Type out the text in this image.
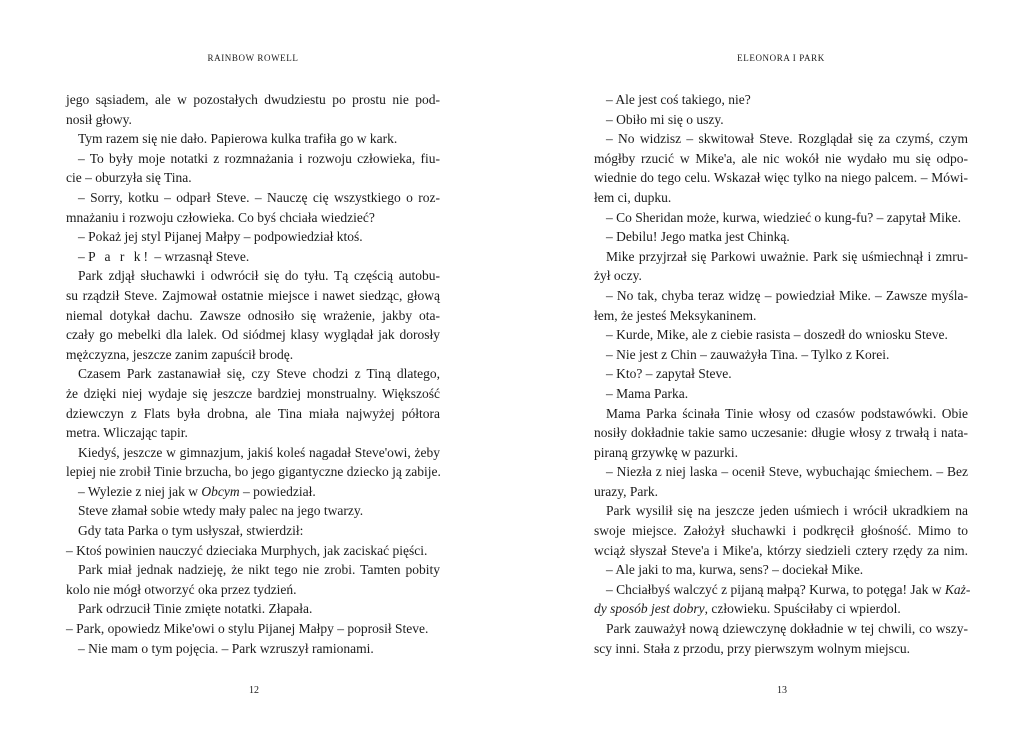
RAINBOW ROWELL
jego sąsiadem, ale w pozostałych dwudziestu po prostu nie pod-
nosił głowy.
Tym razem się nie dało. Papierowa kulka trafiła go w kark.
– To były moje notatki z rozmnażania i rozwoju człowieka, fiu-
cie – oburzyła się Tina.
– Sorry, kotku – odparł Steve. – Nauczę cię wszystkiego o roz-
mnażaniu i rozwoju człowieka. Co byś chciała wiedzieć?
– Pokaż jej styl Pijanej Małpy – podpowiedział ktoś.
– P a r k! – wrzasnął Steve.
Park zdjął słuchawki i odwrócił się do tyłu. Tą częścią autobu-
su rządził Steve. Zajmował ostatnie miejsce i nawet siedząc, głową
niemal dotykał dachu. Zawsze odnosiło się wrażenie, jakby ota-
czały go mebelki dla lalek. Od siódmej klasy wyglądał jak dorosły
mężczyzna, jeszcze zanim zapuścił brodę.
Czasem Park zastanawiał się, czy Steve chodzi z Tiną dlatego,
że dzięki niej wydaje się jeszcze bardziej monstrualny. Większość
dziewczyn z Flats była drobna, ale Tina miała najwyżej półtora
metra. Wliczając tapir.
Kiedyś, jeszcze w gimnazjum, jakiś koleś nagadał Steve'owi, żeby
lepiej nie zrobił Tinie brzucha, bo jego gigantyczne dziecko ją zabije.
– Wylezie z niej jak w Obcym – powiedział.
Steve złamał sobie wtedy mały palec na jego twarzy.
Gdy tata Parka o tym usłyszał, stwierdził:
– Ktoś powinien nauczyć dzieciaka Murphych, jak zaciskać pięści.
Park miał jednak nadzieję, że nikt tego nie zrobi. Tamten pobity
kolo nie mógł otworzyć oka przez tydzień.
Park odrzucił Tinie zmięte notatki. Złapała.
– Park, opowiedz Mike'owi o stylu Pijanej Małpy – poprosił Steve.
– Nie mam o tym pojęcia. – Park wzruszył ramionami.
12
ELEONORA I PARK
– Ale jest coś takiego, nie?
– Obiło mi się o uszy.
– No widzisz – skwitował Steve. Rozglądał się za czymś, czym
mógłby rzucić w Mike'a, ale nic wokół nie wydało mu się odpo-
wiednie do tego celu. Wskazał więc tylko na niego palcem. – Mówi-
łem ci, dupku.
– Co Sheridan może, kurwa, wiedzieć o kung-fu? – zapytał Mike.
– Debilu! Jego matka jest Chinką.
Mike przyjrzał się Parkowi uważnie. Park się uśmiechnął i zmru-
żył oczy.
– No tak, chyba teraz widzę – powiedział Mike. – Zawsze myśla-
łem, że jesteś Meksykaninem.
– Kurde, Mike, ale z ciebie rasista – doszedł do wniosku Steve.
– Nie jest z Chin – zauważyła Tina. – Tylko z Korei.
– Kto? – zapytał Steve.
– Mama Parka.
Mama Parka ścinała Tinie włosy od czasów podstawówki. Obie
nosiły dokładnie takie samo uczesanie: długie włosy z trwałą i nata-
piraną grzywkę w pazurki.
– Niezła z niej laska – ocenił Steve, wybuchając śmiechem. – Bez
urazy, Park.
Park wysilił się na jeszcze jeden uśmiech i wrócił ukradkiem na
swoje miejsce. Założył słuchawki i podkręcił głośność. Mimo to
wciąż słyszał Steve'a i Mike'a, którzy siedzieli cztery rzędy za nim.
– Ale jaki to ma, kurwa, sens? – dociekał Mike.
– Chciałbyś walczyć z pijaną małpą? Kurwa, to potęga! Jak w Każ-
dy sposób jest dobry, człowieku. Spuściłaby ci wpierdol.
Park zauważył nową dziewczynę dokładnie w tej chwili, co wszy-
scy inni. Stała z przodu, przy pierwszym wolnym miejscu.
13
